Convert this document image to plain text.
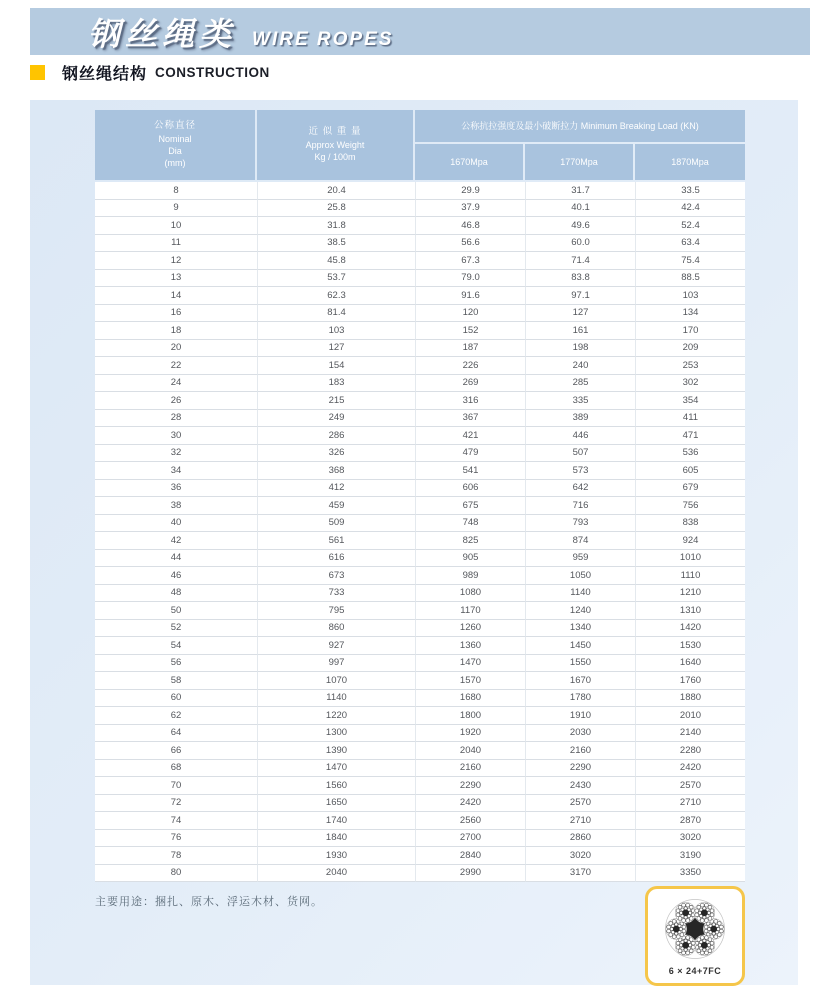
钢丝绳类 WIRE ROPES
钢丝绳结构 CONSTRUCTION
公称直径
Nominal
Dia
(mm)
近 似 重 量
Approx Weight
Kg / 100m
公称抗拉强度及最小破断拉力 Minimum Breaking Load (KN)
1670Mpa	1770Mpa	1870Mpa
8	20.4	29.9	31.7	33.5
9	25.8	37.9	40.1	42.4
10	31.8	46.8	49.6	52.4
11	38.5	56.6	60.0	63.4
12	45.8	67.3	71.4	75.4
13	53.7	79.0	83.8	88.5
14	62.3	91.6	97.1	103
16	81.4	120	127	134
18	103	152	161	170
20	127	187	198	209
22	154	226	240	253
24	183	269	285	302
26	215	316	335	354
28	249	367	389	411
30	286	421	446	471
32	326	479	507	536
34	368	541	573	605
36	412	606	642	679
38	459	675	716	756
40	509	748	793	838
42	561	825	874	924
44	616	905	959	1010
46	673	989	1050	1110
48	733	1080	1140	1210
50	795	1170	1240	1310
52	860	1260	1340	1420
54	927	1360	1450	1530
56	997	1470	1550	1640
58	1070	1570	1670	1760
60	1140	1680	1780	1880
62	1220	1800	1910	2010
64	1300	1920	2030	2140
66	1390	2040	2160	2280
68	1470	2160	2290	2420
70	1560	2290	2430	2570
72	1650	2420	2570	2710
74	1740	2560	2710	2870
76	1840	2700	2860	3020
78	1930	2840	3020	3190
80	2040	2990	3170	3350
主要用途：捆扎、原木、浮运木材、货网。
6 × 24+7FC
